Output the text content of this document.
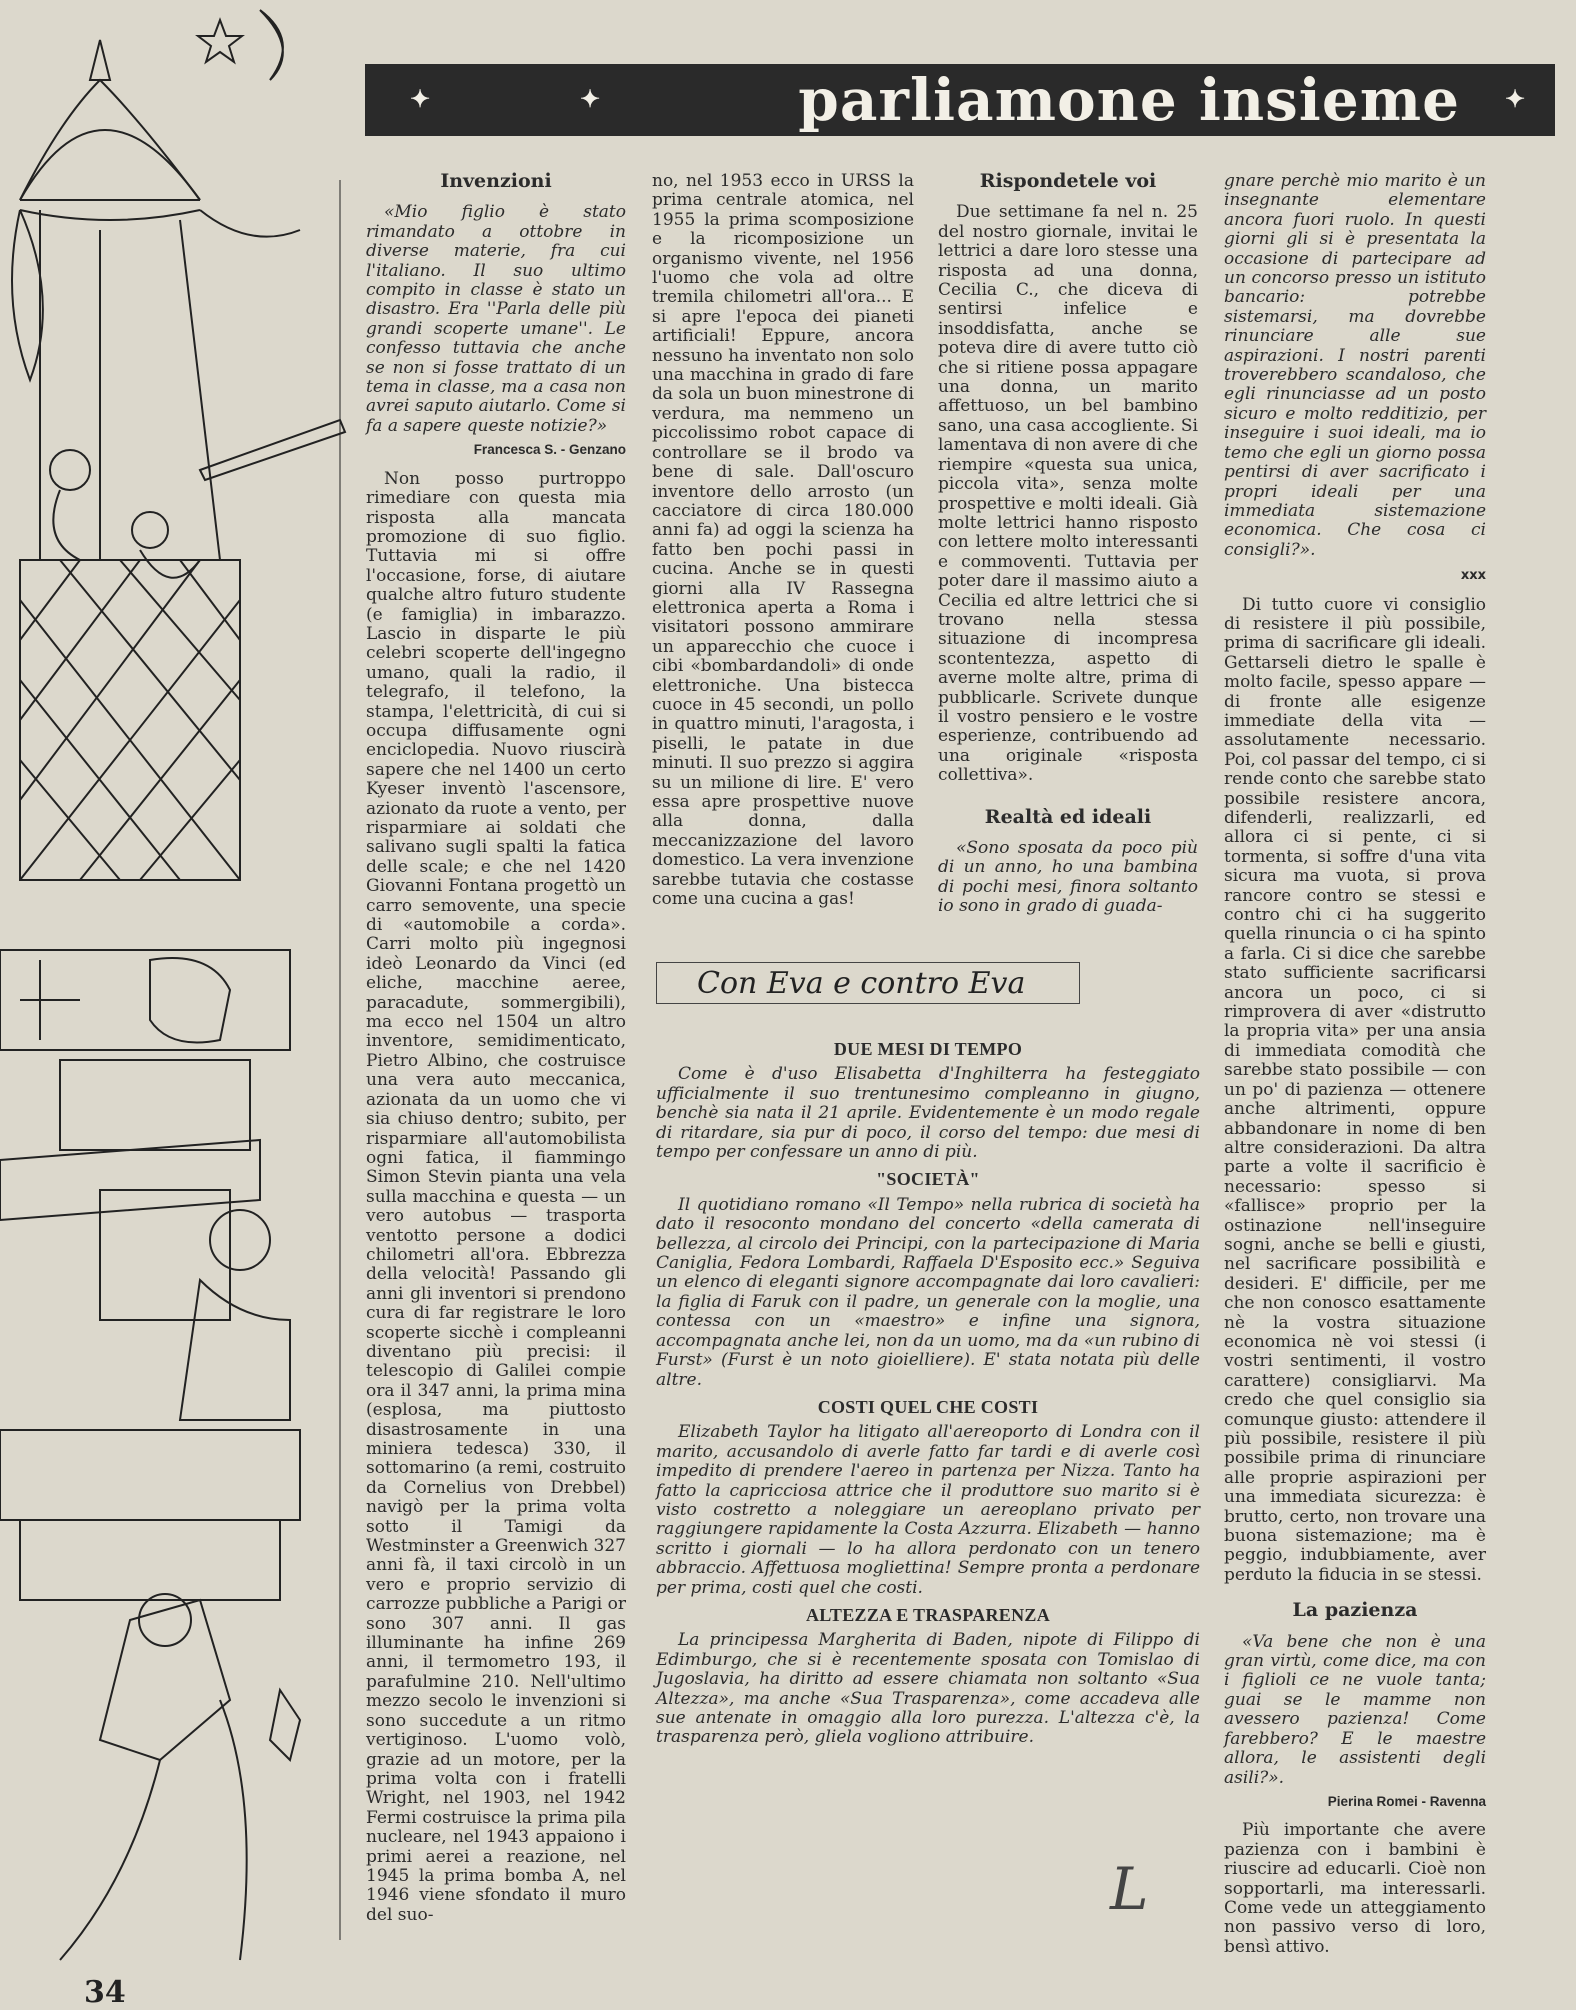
✦	✦	✦
parliamone insieme
Invenzioni

«Mio figlio è stato rimandato a ottobre in diverse materie, fra cui l'italiano. Il suo ultimo compito in classe è stato un disastro. Era ''Parla delle più grandi scoperte umane''. Le confesso tuttavia che anche se non si fosse trattato di un tema in classe, ma a casa non avrei saputo aiutarlo. Come si fa a sapere queste notizie?»

Francesca S. - Genzano

Non posso purtroppo rimediare con questa mia risposta alla mancata promozione di suo figlio. Tuttavia mi si offre l'occasione, forse, di aiutare qualche altro futuro studente (e famiglia) in imbarazzo. Lascio in disparte le più celebri scoperte dell'ingegno umano, quali la radio, il telegrafo, il telefono, la stampa, l'elettricità, di cui si occupa diffusamente ogni enciclopedia. Nuovo riuscirà sapere che nel 1400 un certo Kyeser inventò l'ascensore, azionato da ruote a vento, per risparmiare ai soldati che salivano sugli spalti la fatica delle scale; e che nel 1420 Giovanni Fontana progettò un carro semovente, una specie di «automobile a corda». Carri molto più ingegnosi ideò Leonardo da Vinci (ed eliche, macchine aeree, paracadute, sommergibili), ma ecco nel 1504 un altro inventore, semidimenticato, Pietro Albino, che costruisce una vera auto meccanica, azionata da un uomo che vi sia chiuso dentro; subito, per risparmiare all'automobilista ogni fatica, il fiammingo Simon Stevin pianta una vela sulla macchina e questa — un vero autobus — trasporta ventotto persone a dodici chilometri all'ora. Ebbrezza della velocità! Passando gli anni gli inventori si prendono cura di far registrare le loro scoperte sicchè i compleanni diventano più precisi: il telescopio di Galilei compie ora il 347 anni, la prima mina (esplosa, ma piuttosto disastrosamente in una miniera tedesca) 330, il sottomarino (a remi, costruito da Cornelius von Drebbel) navigò per la prima volta sotto il Tamigi da Westminster a Greenwich 327 anni fà, il taxi circolò in un vero e proprio servizio di carrozze pubbliche a Parigi or sono 307 anni. Il gas illuminante ha infine 269 anni, il termometro 193, il parafulmine 210. Nell'ultimo mezzo secolo le invenzioni si sono succedute a un ritmo vertiginoso. L'uomo volò, grazie ad un motore, per la prima volta con i fratelli Wright, nel 1903, nel 1942 Fermi costruisce la prima pila nucleare, nel 1943 appaiono i primi aerei a reazione, nel 1945 la prima bomba A, nel 1946 viene sfondato il muro del suo-

no, nel 1953 ecco in URSS la prima centrale atomica, nel 1955 la prima scomposizione e la ricomposizione un organismo vivente, nel 1956 l'uomo che vola ad oltre tremila chilometri all'ora... E si apre l'epoca dei pianeti artificiali! Eppure, ancora nessuno ha inventato non solo una macchina in grado di fare da sola un buon minestrone di verdura, ma nemmeno un piccolissimo robot capace di controllare se il brodo va bene di sale. Dall'oscuro inventore dello arrosto (un cacciatore di circa 180.000 anni fa) ad oggi la scienza ha fatto ben pochi passi in cucina. Anche se in questi giorni alla IV Rassegna elettronica aperta a Roma i visitatori possono ammirare un apparecchio che cuoce i cibi «bombardandoli» di onde elettroniche. Una bistecca cuoce in 45 secondi, un pollo in quattro minuti, l'aragosta, i piselli, le patate in due minuti. Il suo prezzo si aggira su un milione di lire. E' vero essa apre prospettive nuove alla donna, dalla meccanizzazione del lavoro domestico. La vera invenzione sarebbe tutavia che costasse come una cucina a gas!

Rispondetele voi

Due settimane fa nel n. 25 del nostro giornale, invitai le lettrici a dare loro stesse una risposta ad una donna, Cecilia C., che diceva di sentirsi infelice e insoddisfatta, anche se poteva dire di avere tutto ciò che si ritiene possa appagare una donna, un marito affettuoso, un bel bambino sano, una casa accogliente. Si lamentava di non avere di che riempire «questa sua unica, piccola vita», senza molte prospettive e molti ideali. Già molte lettrici hanno risposto con lettere molto interessanti e commoventi. Tuttavia per poter dare il massimo aiuto a Cecilia ed altre lettrici che si trovano nella stessa situazione di incompresa scontentezza, aspetto di averne molte altre, prima di pubblicarle. Scrivete dunque il vostro pensiero e le vostre esperienze, contribuendo ad una originale «risposta collettiva».

Realtà ed ideali

«Sono sposata da poco più di un anno, ho una bambina di pochi mesi, finora soltanto io sono in grado di guada-

gnare perchè mio marito è un insegnante elementare ancora fuori ruolo. In questi giorni gli si è presentata la occasione di partecipare ad un concorso presso un istituto bancario: potrebbe sistemarsi, ma dovrebbe rinunciare alle sue aspirazioni. I nostri parenti troverebbero scandaloso, che egli rinunciasse ad un posto sicuro e molto redditizio, per inseguire i suoi ideali, ma io temo che egli un giorno possa pentirsi di aver sacrificato i propri ideali per una immediata sistemazione economica. Che cosa ci consigli?».

xxx

Di tutto cuore vi consiglio di resistere il più possibile, prima di sacrificare gli ideali. Gettarseli dietro le spalle è molto facile, spesso appare — di fronte alle esigenze immediate della vita — assolutamente necessario. Poi, col passar del tempo, ci si rende conto che sarebbe stato possibile resistere ancora, difenderli, realizzarli, ed allora ci si pente, ci si tormenta, si soffre d'una vita sicura ma vuota, si prova rancore contro se stessi e contro chi ci ha suggerito quella rinuncia o ci ha spinto a farla. Ci si dice che sarebbe stato sufficiente sacrificarsi ancora un poco, ci si rimprovera di aver «distrutto la propria vita» per una ansia di immediata comodità che sarebbe stato possibile — con un po' di pazienza — ottenere anche altrimenti, oppure abbandonare in nome di ben altre considerazioni. Da altra parte a volte il sacrificio è necessario: spesso si «fallisce» proprio per la ostinazione nell'inseguire sogni, anche se belli e giusti, nel sacrificare possibilità e desideri. E' difficile, per me che non conosco esattamente nè la vostra situazione economica nè voi stessi (i vostri sentimenti, il vostro carattere) consigliarvi. Ma credo che quel consiglio sia comunque giusto: attendere il più possibile, resistere il più possibile prima di rinunciare alle proprie aspirazioni per una immediata sicurezza: è brutto, certo, non trovare una buona sistemazione; ma è peggio, indubbiamente, aver perduto la fiducia in se stessi.

La pazienza

«Va bene che non è una gran virtù, come dice, ma con i figlioli ce ne vuole tanta; guai se le mamme non avessero pazienza! Come farebbero? E le maestre allora, le assistenti degli asili?».

Pierina Romei - Ravenna

Più importante che avere pazienza con i bambini è riuscire ad educarli. Cioè non sopportarli, ma interessarli. Come vede un atteggiamento non passivo verso di loro, bensì attivo.

Con Eva e contro Eva
DUE MESI DI TEMPO

Come è d'uso Elisabetta d'Inghilterra ha festeggiato ufficialmente il suo trentunesimo compleanno in giugno, benchè sia nata il 21 aprile. Evidentemente è un modo regale di ritardare, sia pur di poco, il corso del tempo: due mesi di tempo per confessare un anno di più.

"SOCIETÀ"

Il quotidiano romano «Il Tempo» nella rubrica di società ha dato il resoconto mondano del concerto «della camerata di bellezza, al circolo dei Principi, con la partecipazione di Maria Caniglia, Fedora Lombardi, Raffaela D'Esposito ecc.» Seguiva un elenco di eleganti signore accompagnate dai loro cavalieri: la figlia di Faruk con il padre, un generale con la moglie, una contessa con un «maestro» e infine una signora, accompagnata anche lei, non da un uomo, ma da «un rubino di Furst» (Furst è un noto gioielliere). E' stata notata più delle altre.

COSTI QUEL CHE COSTI

Elizabeth Taylor ha litigato all'aereoporto di Londra con il marito, accusandolo di averle fatto far tardi e di averle così impedito di prendere l'aereo in partenza per Nizza. Tanto ha fatto la capricciosa attrice che il produttore suo marito si è visto costretto a noleggiare un aereoplano privato per raggiungere rapidamente la Costa Azzurra. Elizabeth — hanno scritto i giornali — lo ha allora perdonato con un tenero abbraccio. Affettuosa mogliettina! Sempre pronta a perdonare per prima, costi quel che costi.

ALTEZZA E TRASPARENZA

La principessa Margherita di Baden, nipote di Filippo di Edimburgo, che si è recentemente sposata con Tomislao di Jugoslavia, ha diritto ad essere chiamata non soltanto «Sua Altezza», ma anche «Sua Trasparenza», come accadeva alle sue antenate in omaggio alla loro purezza. L'altezza c'è, la trasparenza però, gliela vogliono attribuire.

L
34
